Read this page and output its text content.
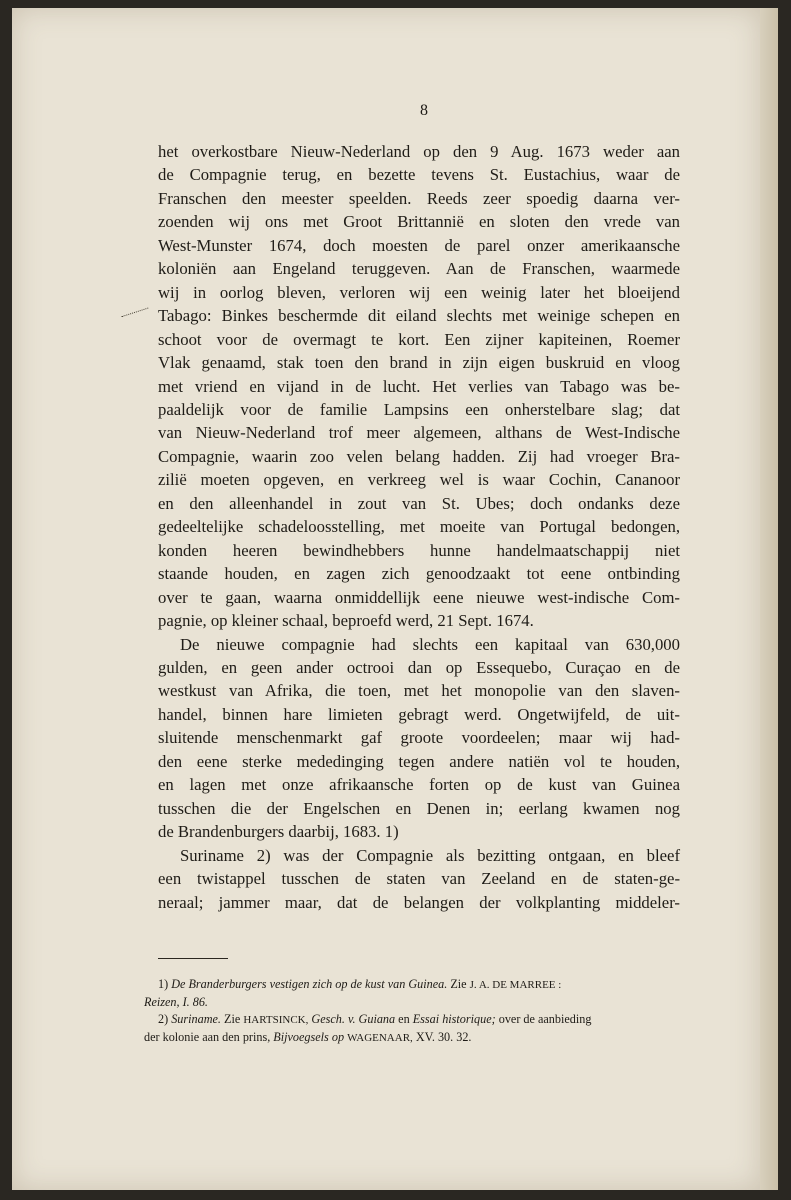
8
het overkostbare Nieuw-Nederland op den 9 Aug. 1673 weder aan
de Compagnie terug, en bezette tevens St. Eustachius, waar de
Franschen den meester speelden. Reeds zeer spoedig daarna ver-
zoenden wij ons met Groot Brittannië en sloten den vrede van
West-Munster 1674, doch moesten de parel onzer amerikaansche
koloniën aan Engeland teruggeven. Aan de Franschen, waarmede
wij in oorlog bleven, verloren wij een weinig later het bloeijend
Tabago: Binkes beschermde dit eiland slechts met weinige schepen en
schoot voor de overmagt te kort. Een zijner kapiteinen, Roemer
Vlak genaamd, stak toen den brand in zijn eigen buskruid en vloog
met vriend en vijand in de lucht. Het verlies van Tabago was be-
paaldelijk voor de familie Lampsins een onherstelbare slag; dat
van Nieuw-Nederland trof meer algemeen, althans de West-Indische
Compagnie, waarin zoo velen belang hadden. Zij had vroeger Bra-
zilië moeten opgeven, en verkreeg wel is waar Cochin, Cananoor
en den alleenhandel in zout van St. Ubes; doch ondanks deze
gedeeltelijke schadeloosstelling, met moeite van Portugal bedongen,
konden heeren bewindhebbers hunne handelmaatschappij niet
staande houden, en zagen zich genoodzaakt tot eene ontbinding
over te gaan, waarna onmiddellijk eene nieuwe west-indische Com-
pagnie, op kleiner schaal, beproefd werd, 21 Sept. 1674.
De nieuwe compagnie had slechts een kapitaal van 630,000
gulden, en geen ander octrooi dan op Essequebo, Curaçao en de
westkust van Afrika, die toen, met het monopolie van den slaven-
handel, binnen hare limieten gebragt werd. Ongetwijfeld, de uit-
sluitende menschenmarkt gaf groote voordeelen; maar wij had-
den eene sterke mededinging tegen andere natiën vol te houden,
en lagen met onze afrikaansche forten op de kust van Guinea
tusschen die der Engelschen en Denen in; eerlang kwamen nog
de Brandenburgers daarbij, 1683. 1)
Suriname 2) was der Compagnie als bezitting ontgaan, en bleef
een twistappel tusschen de staten van Zeeland en de staten-ge-
neraal; jammer maar, dat de belangen der volkplanting middeler-
1) De Branderburgers vestigen zich op de kust van Guinea. Zie J. A. DE MARREE :
Reizen, I. 86.
2) Suriname. Zie HARTSINCK, Gesch. v. Guiana en Essai historique; over de aanbieding
der kolonie aan den prins, Bijvoegsels op WAGENAAR, XV. 30. 32.
